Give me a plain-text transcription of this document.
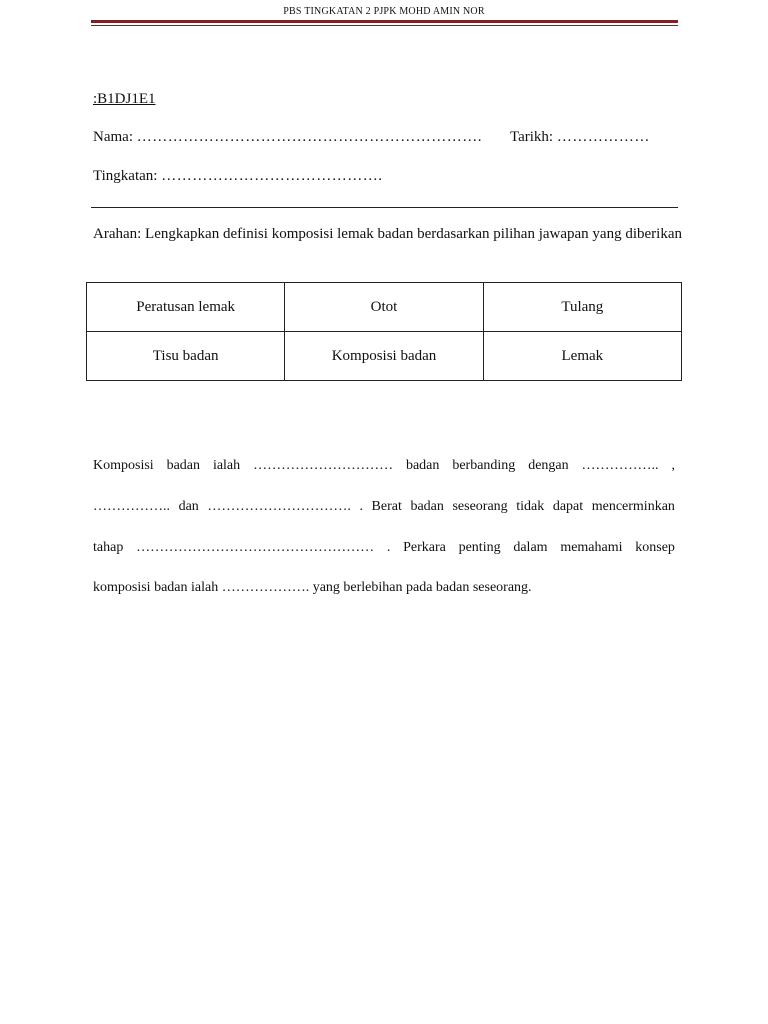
PBS TINGKATAN 2 PJPK MOHD AMIN NOR
:B1DJ1E1
Nama: …………………………………………………………. Tarikh: ………………
Tingkatan: …………………………………….
Arahan: Lengkapkan definisi komposisi lemak badan berdasarkan pilihan jawapan yang diberikan
Peratusan lemak	Otot	Tulang
Tisu badan	Komposisi badan	Lemak
Komposisi badan ialah ………………………… badan berbanding dengan …………….. ,
…………….. dan …………………………. . Berat badan seseorang tidak dapat mencerminkan
tahap …………………………………………… . Perkara penting dalam memahami konsep
komposisi badan ialah ………………. yang berlebihan pada badan seseorang.
